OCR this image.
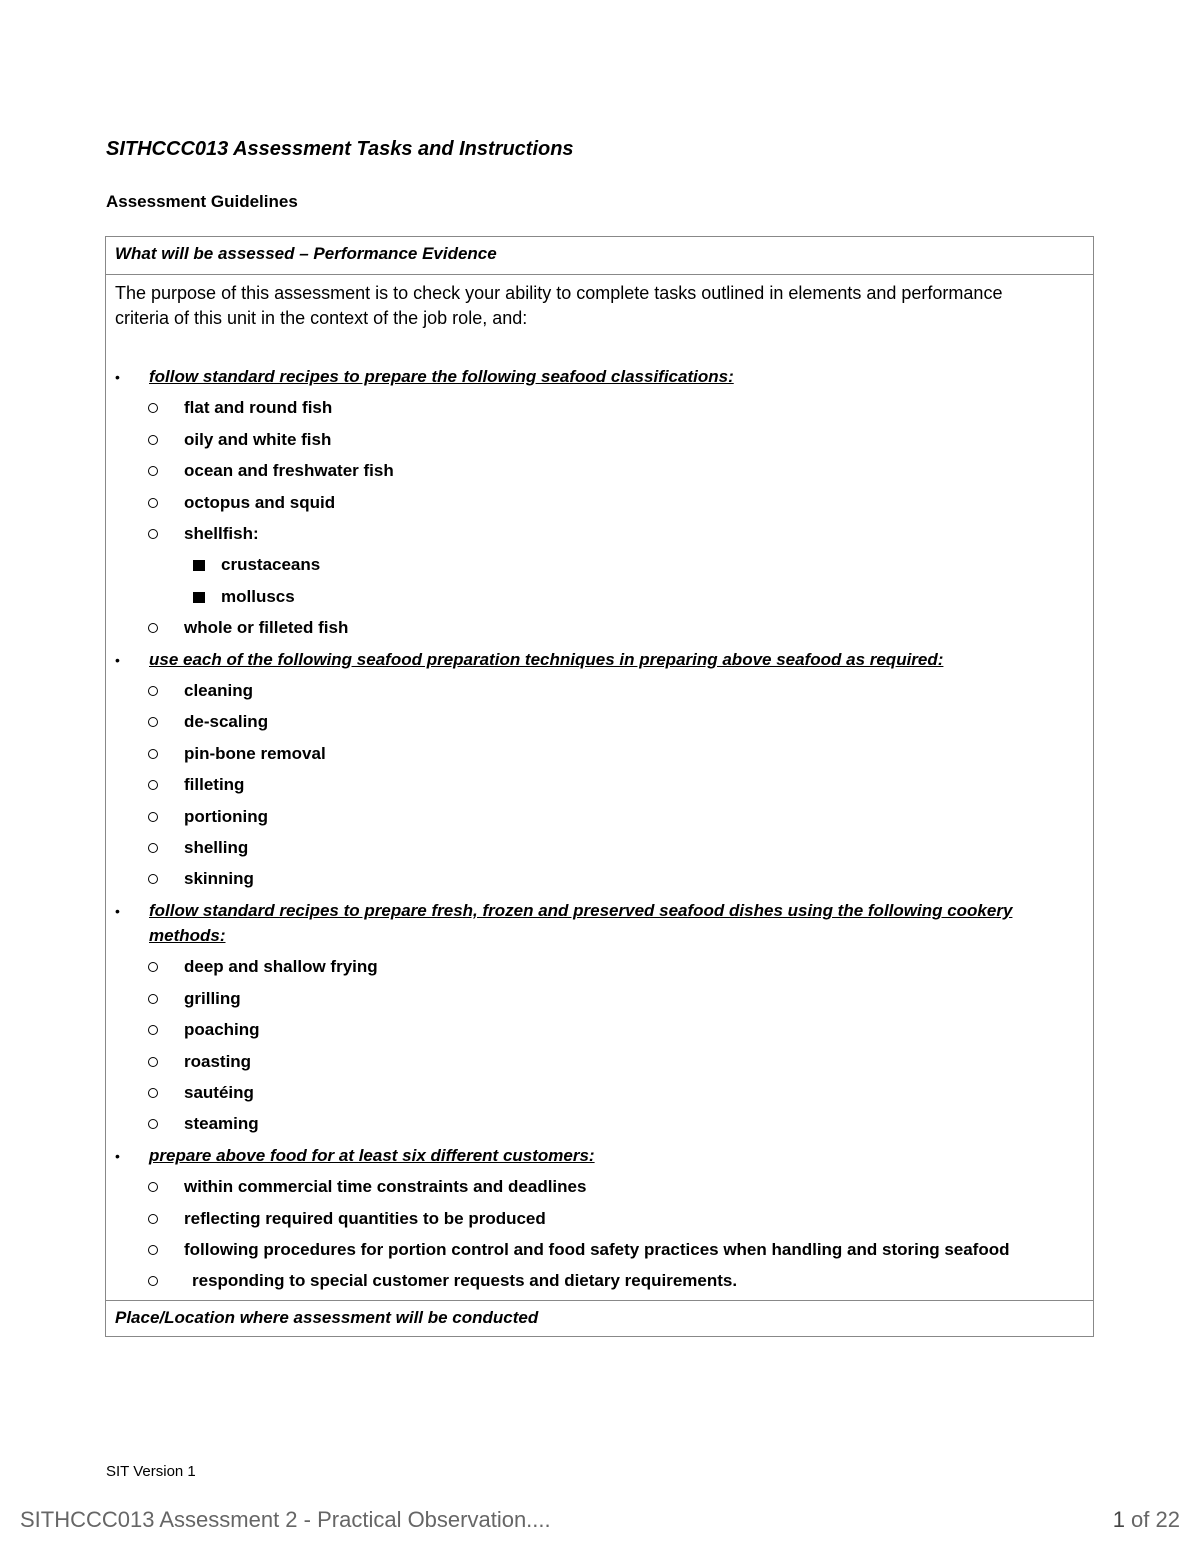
SITHCCC013 Assessment Tasks and Instructions
Assessment Guidelines
What will be assessed – Performance Evidence
The purpose of this assessment is to check your ability to complete tasks outlined in elements and performance criteria of this unit in the context of the job role, and:
• follow standard recipes to prepare the following seafood classifications:
flat and round fish
oily and white fish
ocean and freshwater fish
octopus and squid
shellfish:
crustaceans
molluscs
whole or filleted fish
• use each of the following seafood preparation techniques in preparing above seafood as required:
cleaning
de-scaling
pin-bone removal
filleting
portioning
shelling
skinning
• follow standard recipes to prepare fresh, frozen and preserved seafood dishes using the following cookery methods:
deep and shallow frying
grilling
poaching
roasting
sautéing
steaming
• prepare above food for at least six different customers:
within commercial time constraints and deadlines
reflecting required quantities to be produced
following procedures for portion control and food safety practices when handling and storing seafood
responding to special customer requests and dietary requirements.
Place/Location where assessment will be conducted
SIT Version 1
SITHCCC013 Assessment 2 - Practical Observation....	1 of 22
